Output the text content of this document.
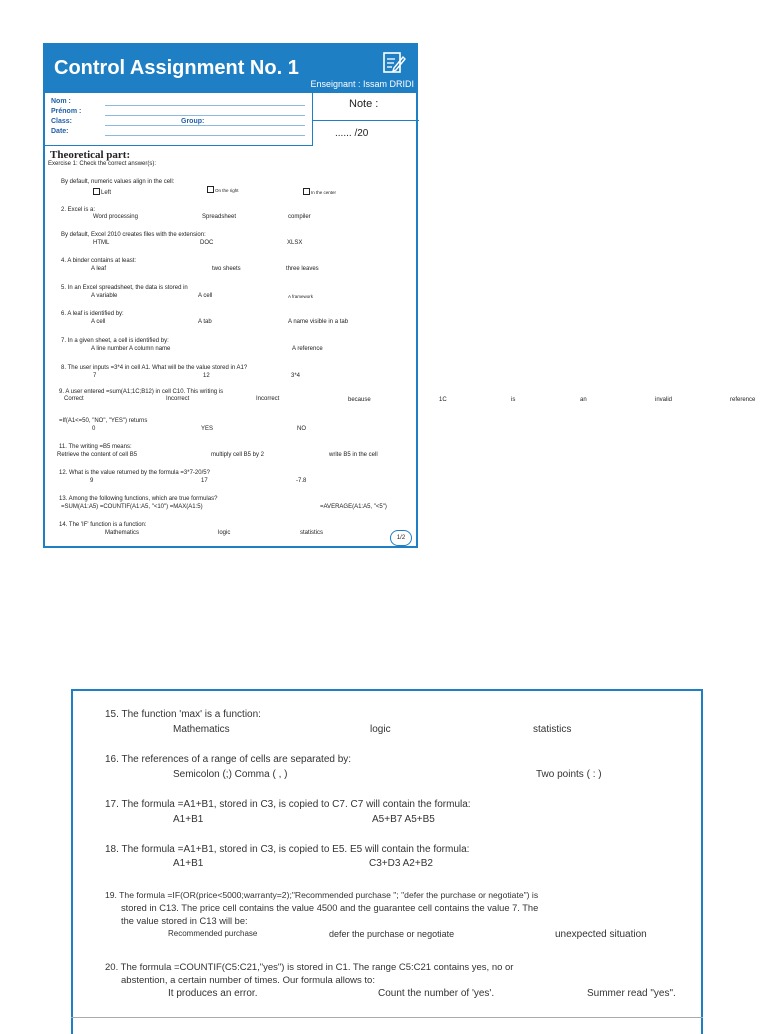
Control Assignment No. 1
Enseignant : Issam DRIDI
Nom :
Prénom :
Class:	Group:
Date:
Note :
...... /20
Theoretical part:
Exercise 1: Check the correct answer(s):
By default, numeric values align in the cell:
Left	On the right	In the center
2. Excel is a:
Word processing	Spreadsheet	compiler
By default, Excel 2010 creates files with the extension:
HTML	DOC	XLSX
4. A binder contains at least:
A leaf	two sheets	three leaves
5. In an Excel spreadsheet, the data is stored in
A variable	A cell	A framework
6. A leaf is identified by:
A cell	A tab	A name visible in a tab
7. In a given sheet, a cell is identified by:
A line number A column name	A reference
8. The user inputs =3*4 in cell A1. What will be the value stored in A1?
7	12	3*4
9. A user entered =sum(A1;1C;B12) in cell C10. This writing is
Correct	Incorrect	Incorrect	because	1C	is	an	invalid	reference
=If(A1<=50, "NO", "YES") returns
0	YES	NO
11. The writing =B5 means:
Retrieve the content of cell B5	multiply cell B5 by 2	write B5 in the cell
12. What is the value returned by the formula =3*7-20/5?
9	17	-7.8
13. Among the following functions, which are true formulas?
=SUM(A1:A5) =COUNTIF(A1:A5, "<10") =MAX(A1:5)	=AVERAGE(A1:A5, "<5")
14. The 'IF' function is a function:
Mathematics	logic	statistics
1/2
15. The function 'max' is a function:
Mathematics	logic	statistics
16. The references of a range of cells are separated by:
Semicolon (;) Comma ( , )	Two points ( : )
17. The formula =A1+B1, stored in C3, is copied to C7. C7 will contain the formula:
A1+B1	A5+B7 A5+B5
18. The formula =A1+B1, stored in C3, is copied to E5. E5 will contain the formula:
A1+B1	C3+D3 A2+B2
19. The formula =IF(OR(price<5000;warranty=2);"Recommended purchase "; "defer the purchase or negotiate") is
stored in C13. The price cell contains the value 4500 and the guarantee cell contains the value 7. The
the value stored in C13 will be:
Recommended purchase	defer the purchase or negotiate	unexpected situation
20. The formula =COUNTIF(C5:C21,"yes") is stored in C1. The range C5:C21 contains yes, no or
abstention, a certain number of times. Our formula allows to:
It produces an error.	Count the number of 'yes'.	Summer read "yes".
